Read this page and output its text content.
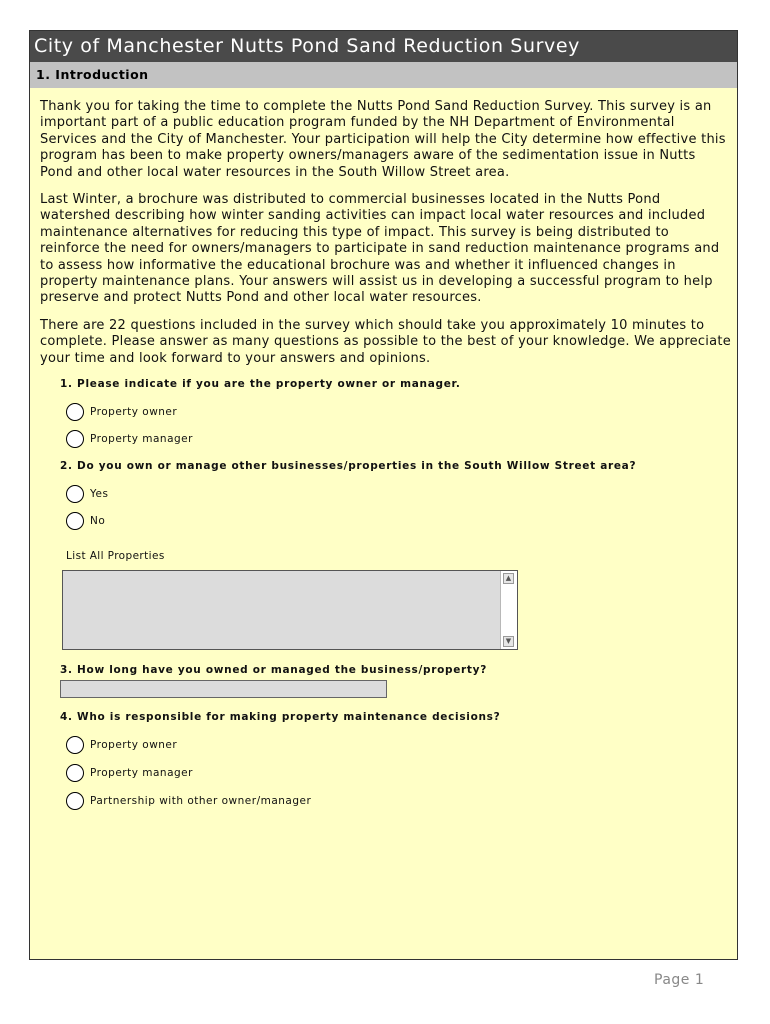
City of Manchester Nutts Pond Sand Reduction Survey
1. Introduction

Thank you for taking the time to complete the Nutts Pond Sand Reduction Survey. This survey is an important part of a public education program funded by the NH Department of Environmental Services and the City of Manchester. Your participation will help the City determine how effective this program has been to make property owners/managers aware of the sedimentation issue in Nutts Pond and other local water resources in the South Willow Street area.

Last Winter, a brochure was distributed to commercial businesses located in the Nutts Pond watershed describing how winter sanding activities can impact local water resources and included maintenance alternatives for reducing this type of impact. This survey is being distributed to reinforce the need for owners/managers to participate in sand reduction maintenance programs and to assess how informative the educational brochure was and whether it influenced changes in property maintenance plans. Your answers will assist us in developing a successful program to help preserve and protect Nutts Pond and other local water resources.

There are 22 questions included in the survey which should take you approximately 10 minutes to complete. Please answer as many questions as possible to the best of your knowledge. We appreciate your time and look forward to your answers and opinions.

1. Please indicate if you are the property owner or manager.
Property owner
Property manager
2. Do you own or manage other businesses/properties in the South Willow Street area?
Yes
No
List All Properties
▲
▼
3. How long have you owned or managed the business/property?
4. Who is responsible for making property maintenance decisions?
Property owner
Property manager
Partnership with other owner/manager
Page 1
